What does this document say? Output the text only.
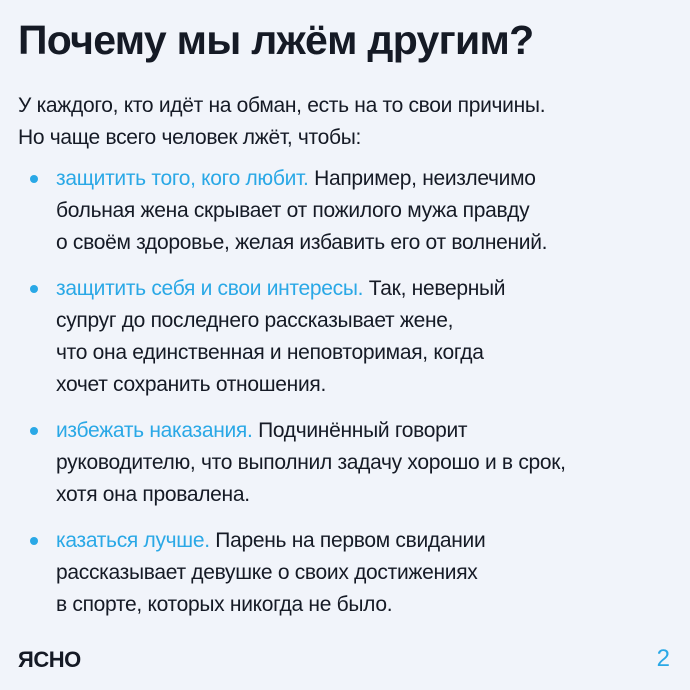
Почему мы лжём другим?

У каждого, кто идёт на обман, есть на то свои причины.
Но чаще всего человек лжёт, чтобы:

защитить того, кого любит. Например, неизлечимо
больная жена скрывает от пожилого мужа правду
о своём здоровье, желая избавить его от волнений.
защитить себя и свои интересы. Так, неверный
супруг до последнего рассказывает жене,
что она единственная и неповторимая, когда
хочет сохранить отношения.
избежать наказания. Подчинённый говорит
руководителю, что выполнил задачу хорошо и в срок,
хотя она провалена.
казаться лучше. Парень на первом свидании
рассказывает девушке о своих достижениях
в спорте, которых никогда не было.
ЯСНО	2
